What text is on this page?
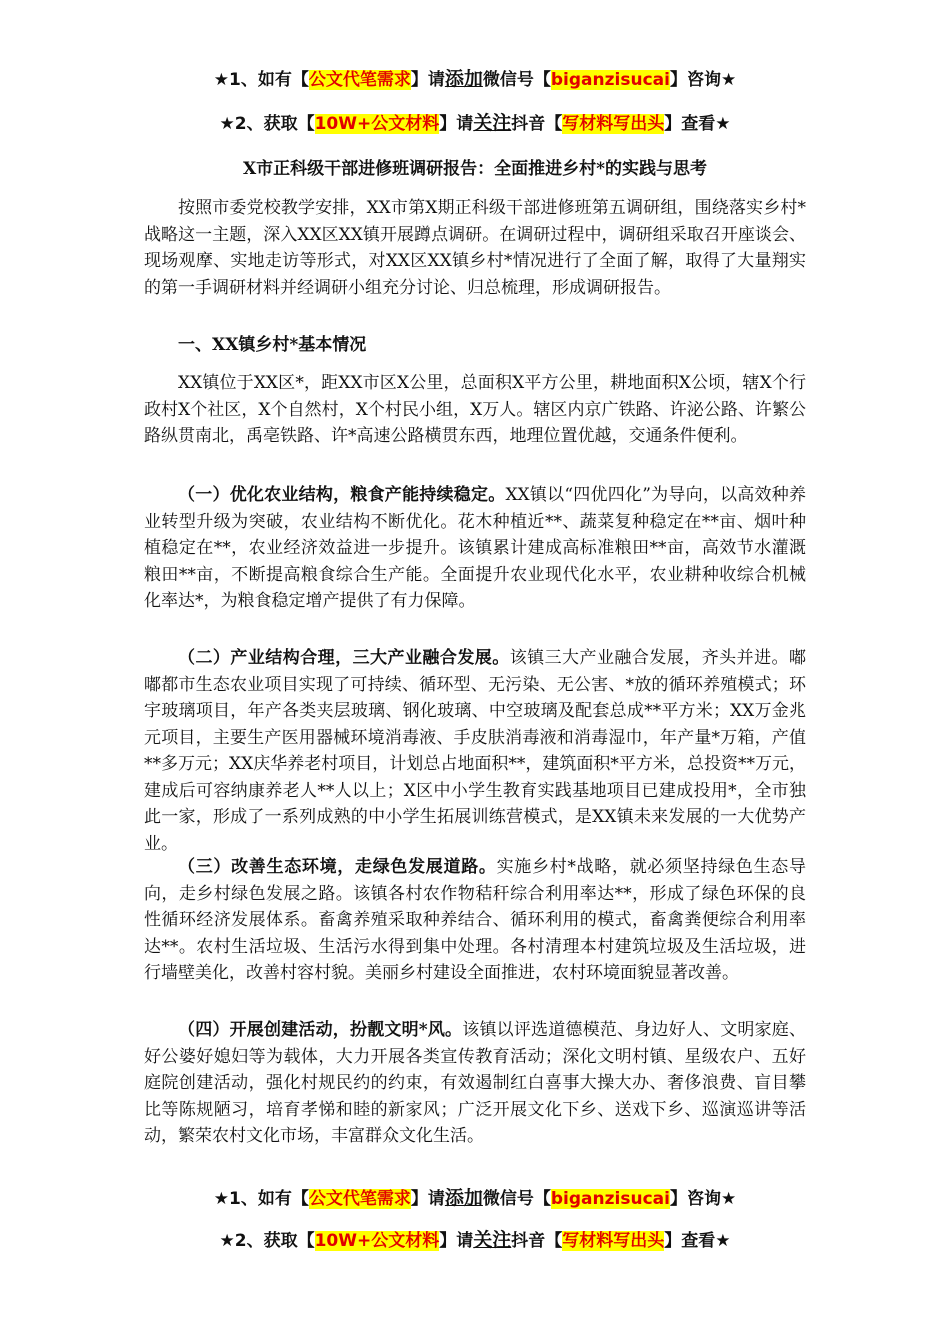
★1、如有【公文代笔需求】请添加微信号【biganzisucai】咨询★
★2、获取【10W+公文材料】请关注抖音【写材料写出头】查看★
X市正科级干部进修班调研报告：全面推进乡村*的实践与思考

按照市委党校教学安排，XX市第X期正科级干部进修班第五调研组，围绕落实乡村*战略这一主题，深入XX区XX镇开展蹲点调研。在调研过程中，调研组采取召开座谈会、现场观摩、实地走访等形式，对XX区XX镇乡村*情况进行了全面了解，取得了大量翔实的第一手调研材料并经调研小组充分讨论、归总梳理，形成调研报告。

一、XX镇乡村*基本情况

XX镇位于XX区*，距XX市区X公里，总面积X平方公里，耕地面积X公顷，辖X个行政村X个社区，X个自然村，X个村民小组，X万人。辖区内京广铁路、许泌公路、许繁公路纵贯南北，禹亳铁路、许*高速公路横贯东西，地理位置优越，交通条件便利。

（一）优化农业结构，粮食产能持续稳定。XX镇以“四优四化”为导向，以高效种养业转型升级为突破，农业结构不断优化。花木种植近**、蔬菜复种稳定在**亩、烟叶种植稳定在**，农业经济效益进一步提升。该镇累计建成高标准粮田**亩，高效节水灌溉粮田**亩，不断提高粮食综合生产能。全面提升农业现代化水平，农业耕种收综合机械化率达*，为粮食稳定增产提供了有力保障。

（二）产业结构合理，三大产业融合发展。该镇三大产业融合发展，齐头并进。嘟嘟都市生态农业项目实现了可持续、循环型、无污染、无公害、*放的循环养殖模式；环宇玻璃项目，年产各类夹层玻璃、钢化玻璃、中空玻璃及配套总成**平方米；XX万金兆元项目，主要生产医用器械环境消毒液、手皮肤消毒液和消毒湿巾，年产量*万箱，产值**多万元；XX庆华养老村项目，计划总占地面积**，建筑面积*平方米，总投资**万元，建成后可容纳康养老人**人以上；X区中小学生教育实践基地项目已建成投用*，全市独此一家，形成了一系列成熟的中小学生拓展训练营模式，是XX镇未来发展的一大优势产业。

（三）改善生态环境，走绿色发展道路。实施乡村*战略，就必须坚持绿色生态导向，走乡村绿色发展之路。该镇各村农作物秸秆综合利用率达**，形成了绿色环保的良性循环经济发展体系。畜禽养殖采取种养结合、循环利用的模式，畜禽粪便综合利用率达**。农村生活垃圾、生活污水得到集中处理。各村清理本村建筑垃圾及生活垃圾，进行墙壁美化，改善村容村貌。美丽乡村建设全面推进，农村环境面貌显著改善。

（四）开展创建活动，扮靓文明*风。该镇以评选道德模范、身边好人、文明家庭、好公婆好媳妇等为载体，大力开展各类宣传教育活动；深化文明村镇、星级农户、五好庭院创建活动，强化村规民约的约束，有效遏制红白喜事大操大办、奢侈浪费、盲目攀比等陈规陋习，培育孝悌和睦的新家风；广泛开展文化下乡、送戏下乡、巡演巡讲等活动，繁荣农村文化市场，丰富群众文化生活。

★1、如有【公文代笔需求】请添加微信号【biganzisucai】咨询★
★2、获取【10W+公文材料】请关注抖音【写材料写出头】查看★
